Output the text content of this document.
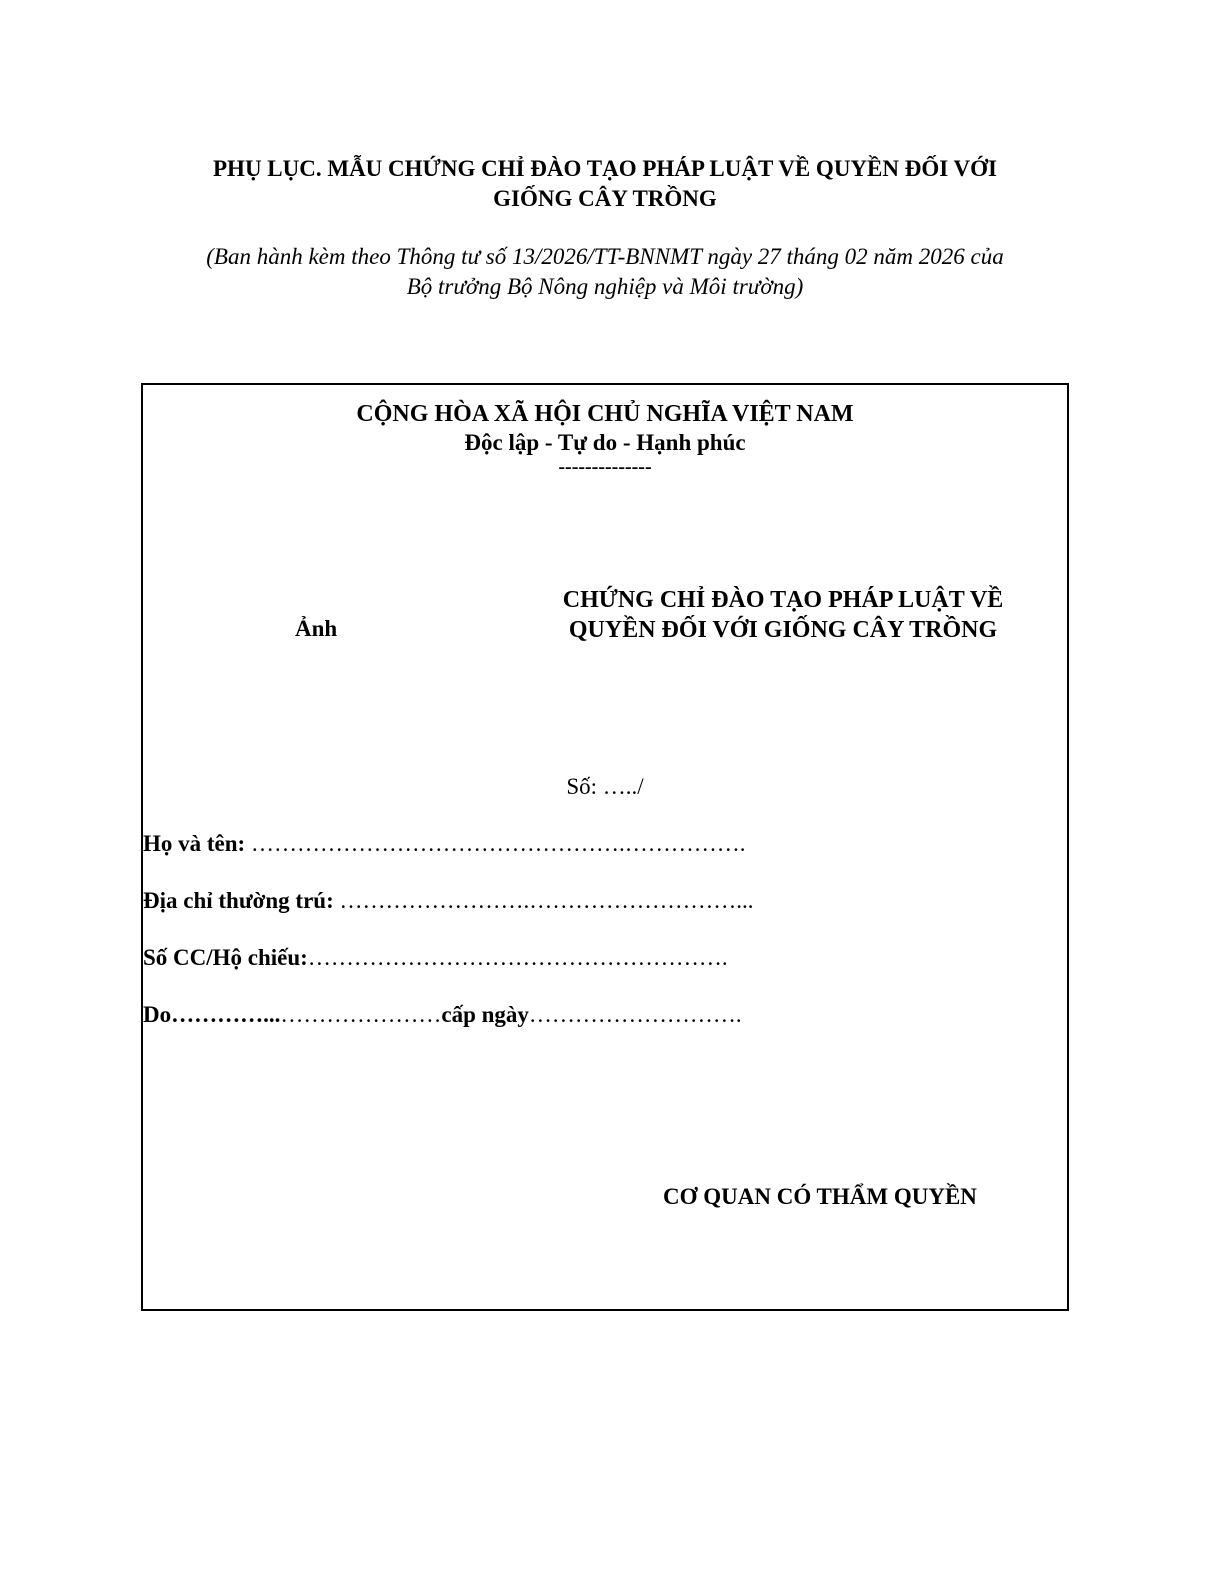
PHỤ LỤC. MẪU CHỨNG CHỈ ĐÀO TẠO PHÁP LUẬT VỀ QUYỀN ĐỐI VỚI
GIỐNG CÂY TRỒNG
(Ban hành kèm theo Thông tư số 13/2026/TT-BNNMT ngày 27 tháng 02 năm 2026 của
Bộ trưởng Bộ Nông nghiệp và Môi trường)
CỘNG HÒA XÃ HỘI CHỦ NGHĨA VIỆT NAM
Độc lập - Tự do - Hạnh phúc
--------------
Ảnh
CHỨNG CHỈ ĐÀO TẠO PHÁP LUẬT VỀ
QUYỀN ĐỐI VỚI GIỐNG CÂY TRỒNG
Số: …../
Họ và tên: ………………………………………….…………….
Địa chỉ thường trú: …………………….………………………...
Số CC/Hộ chiếu:……………………………………………….
Do…………...…………………cấp ngày……………………….
CƠ QUAN CÓ THẨM QUYỀN
